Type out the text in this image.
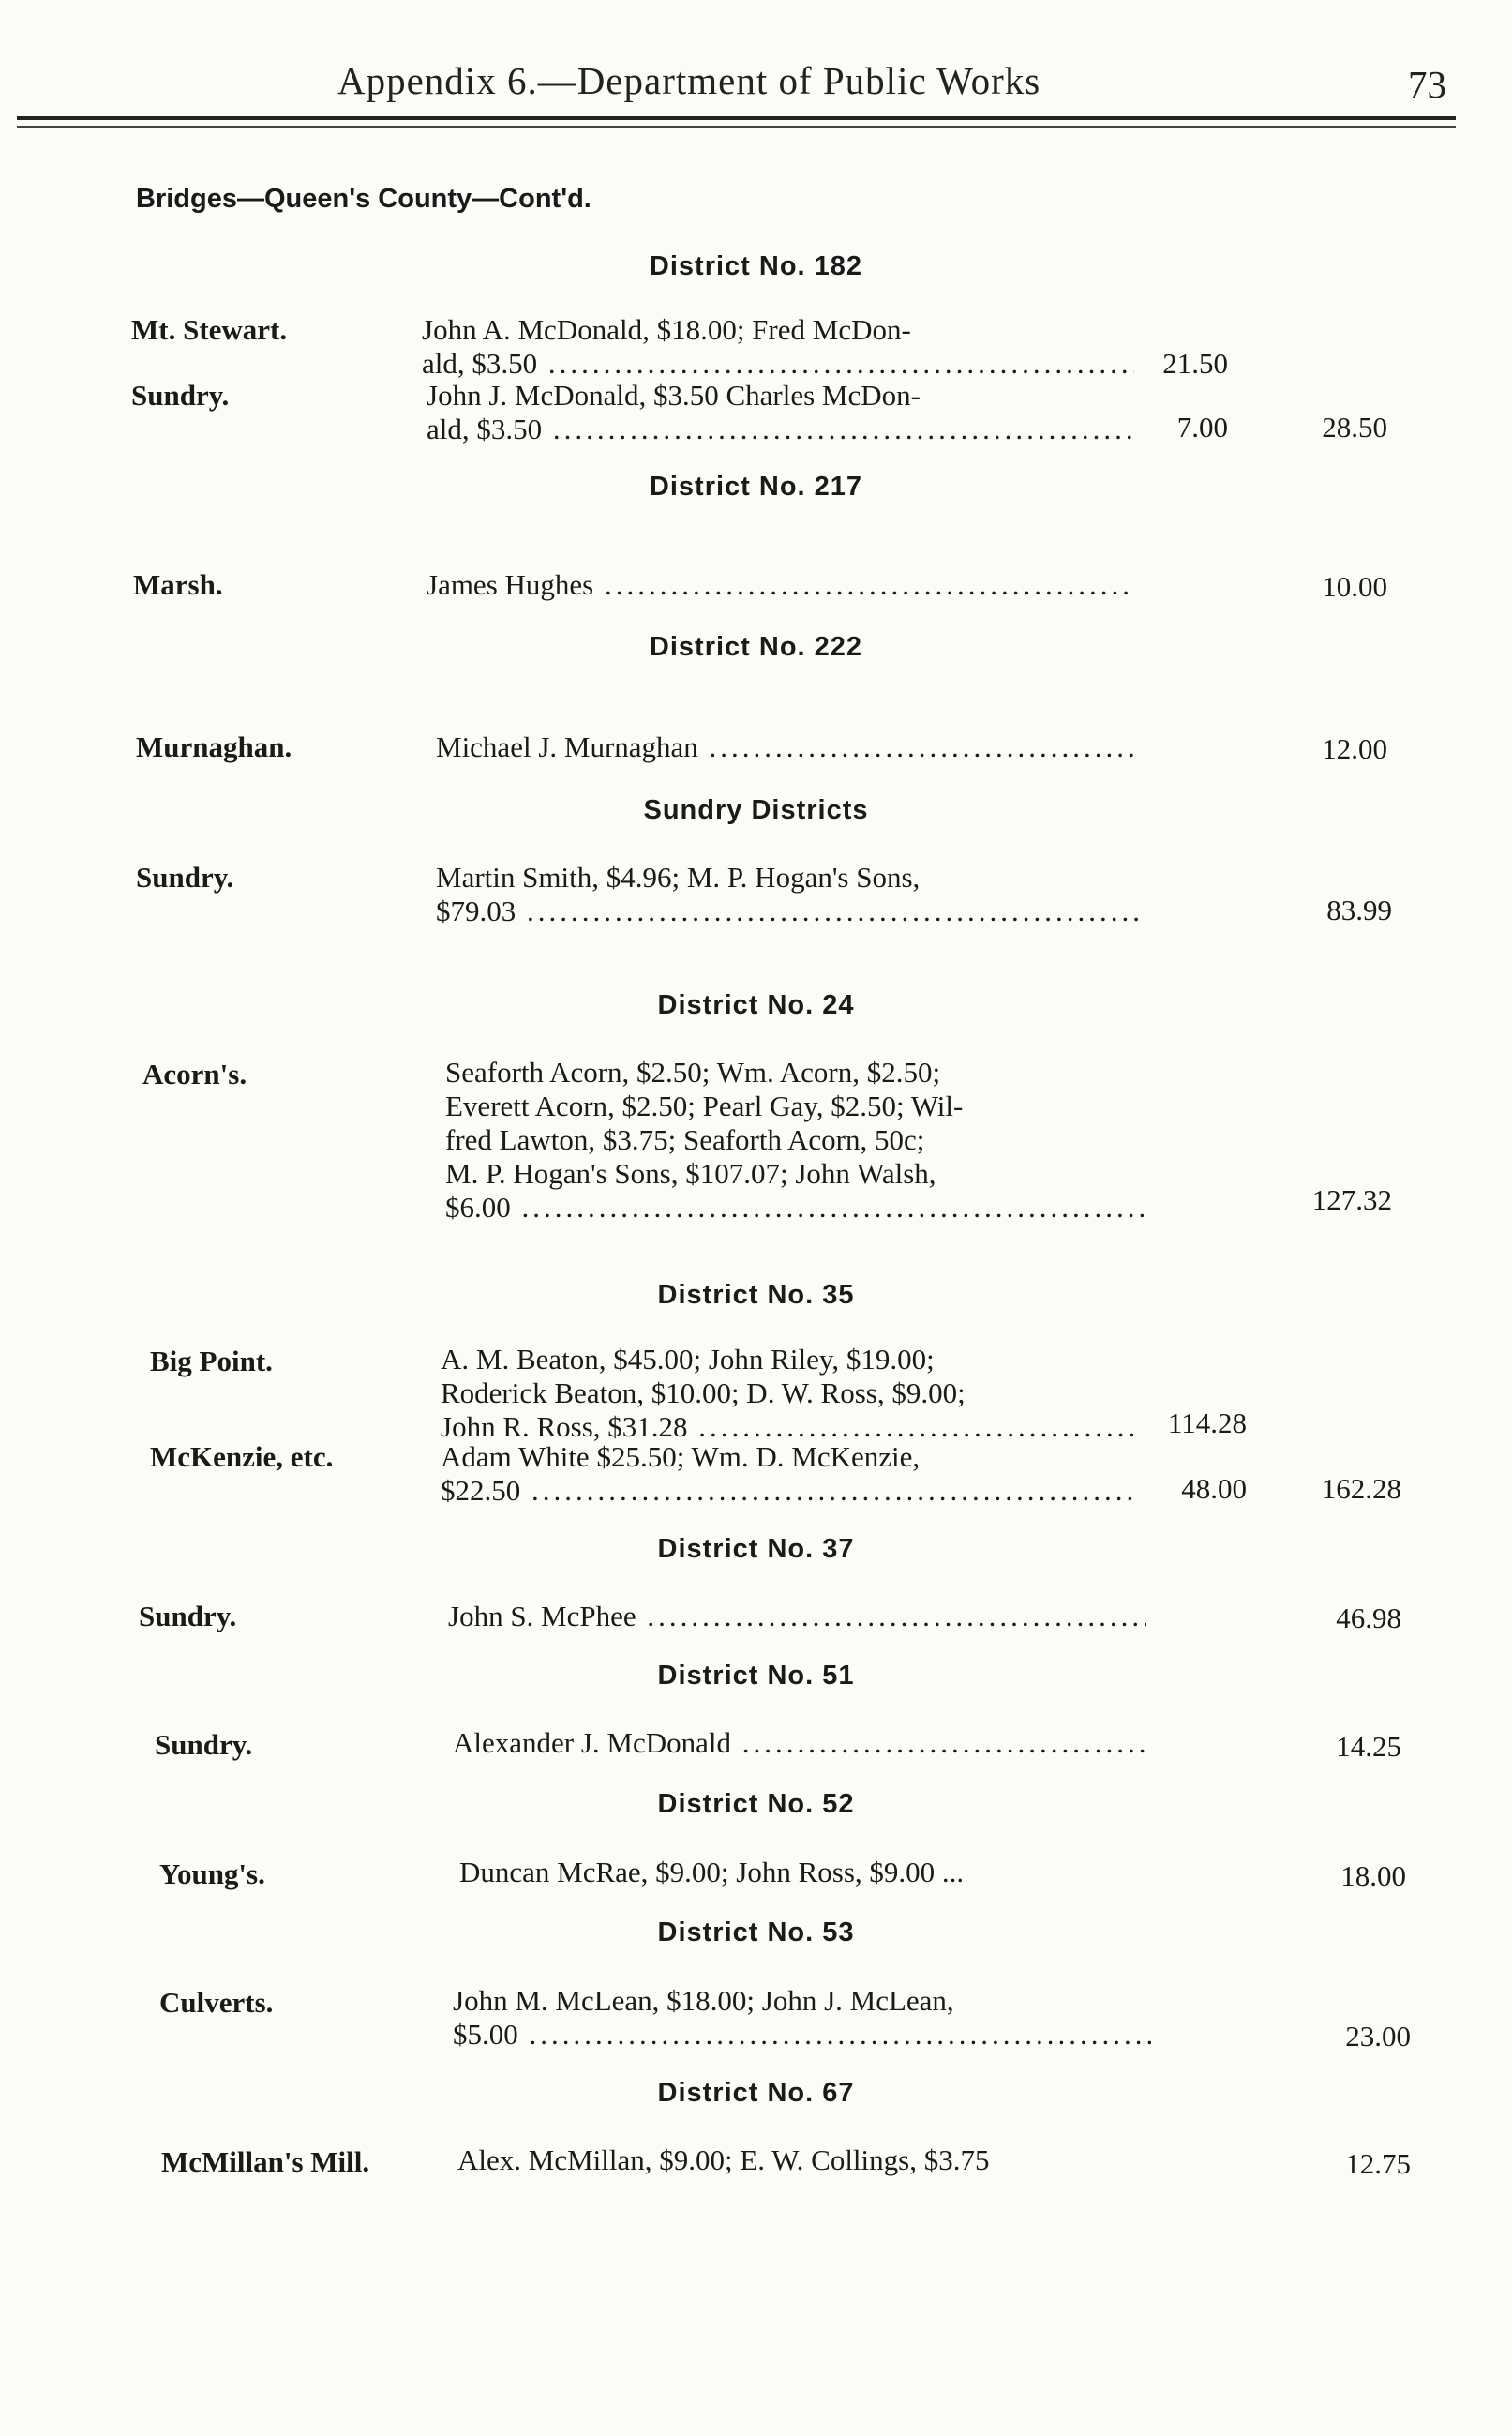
Appendix 6.—Department of Public Works	73
Bridges—Queen's County—Cont'd.
District No. 182
Mt. Stewart.	John A. McDonald, $18.00; Fred McDon-
ald, $3.50 .....	21.50
Sundry.	John J. McDonald, $3.50 Charles McDon-
ald, $3.50 .....	7.00	28.50
District No. 217
Marsh.	James Hughes .....	10.00
District No. 222
Murnaghan.	Michael J. Murnaghan .....	12.00
Sundry Districts
Sundry.	Martin Smith, $4.96; M. P. Hogan's Sons,
$79.03 .....	83.99
District No. 24
Acorn's.	Seaforth Acorn, $2.50; Wm. Acorn, $2.50;
Everett Acorn, $2.50; Pearl Gay, $2.50; Wil-
fred Lawton, $3.75; Seaforth Acorn, 50c;
M. P. Hogan's Sons, $107.07; John Walsh,
$6.00 .....	127.32
District No. 35
Big Point.	A. M. Beaton, $45.00; John Riley, $19.00;
Roderick Beaton, $10.00; D. W. Ross, $9.00;
John R. Ross, $31.28 .....	114.28
McKenzie, etc.	Adam White $25.50; Wm. D. McKenzie,
$22.50 .....	48.00	162.28
District No. 37
Sundry.	John S. McPhee .....	46.98
District No. 51
Sundry.	Alexander J. McDonald .....	14.25
District No. 52
Young's.	Duncan McRae, $9.00; John Ross, $9.00 ...	18.00
District No. 53
Culverts.	John M. McLean, $18.00; John J. McLean,
$5.00 .....	23.00
District No. 67
McMillan's Mill.	Alex. McMillan, $9.00; E. W. Collings, $3.75	12.75
